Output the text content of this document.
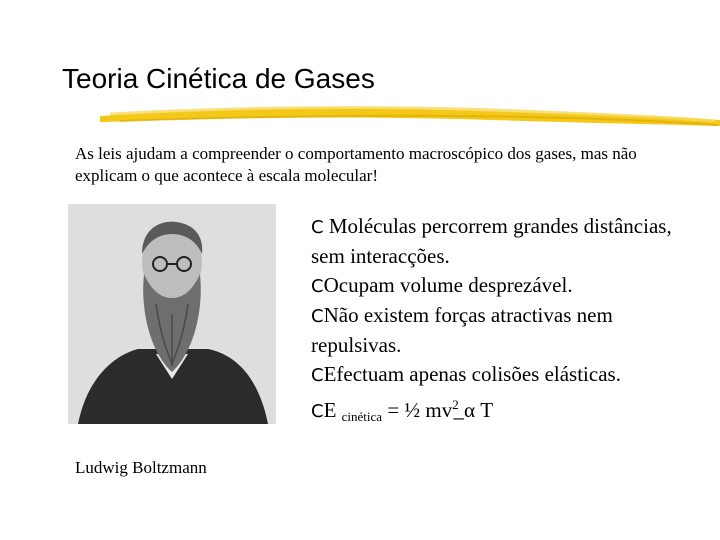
Teoria Cinética de Gases
As leis ajudam a compreender o comportamento macroscópico dos gases, mas não explicam o que acontece à escala molecular!
Ludwig Boltzmann
C Moléculas percorrem grandes distâncias, sem interacções.
COcupam volume desprezável.
CNão existem forças atractivas nem repulsivas.
CEfectuam apenas colisões elásticas.
CE $_{cinética}$ = ½ $mv^2̲$ α T
